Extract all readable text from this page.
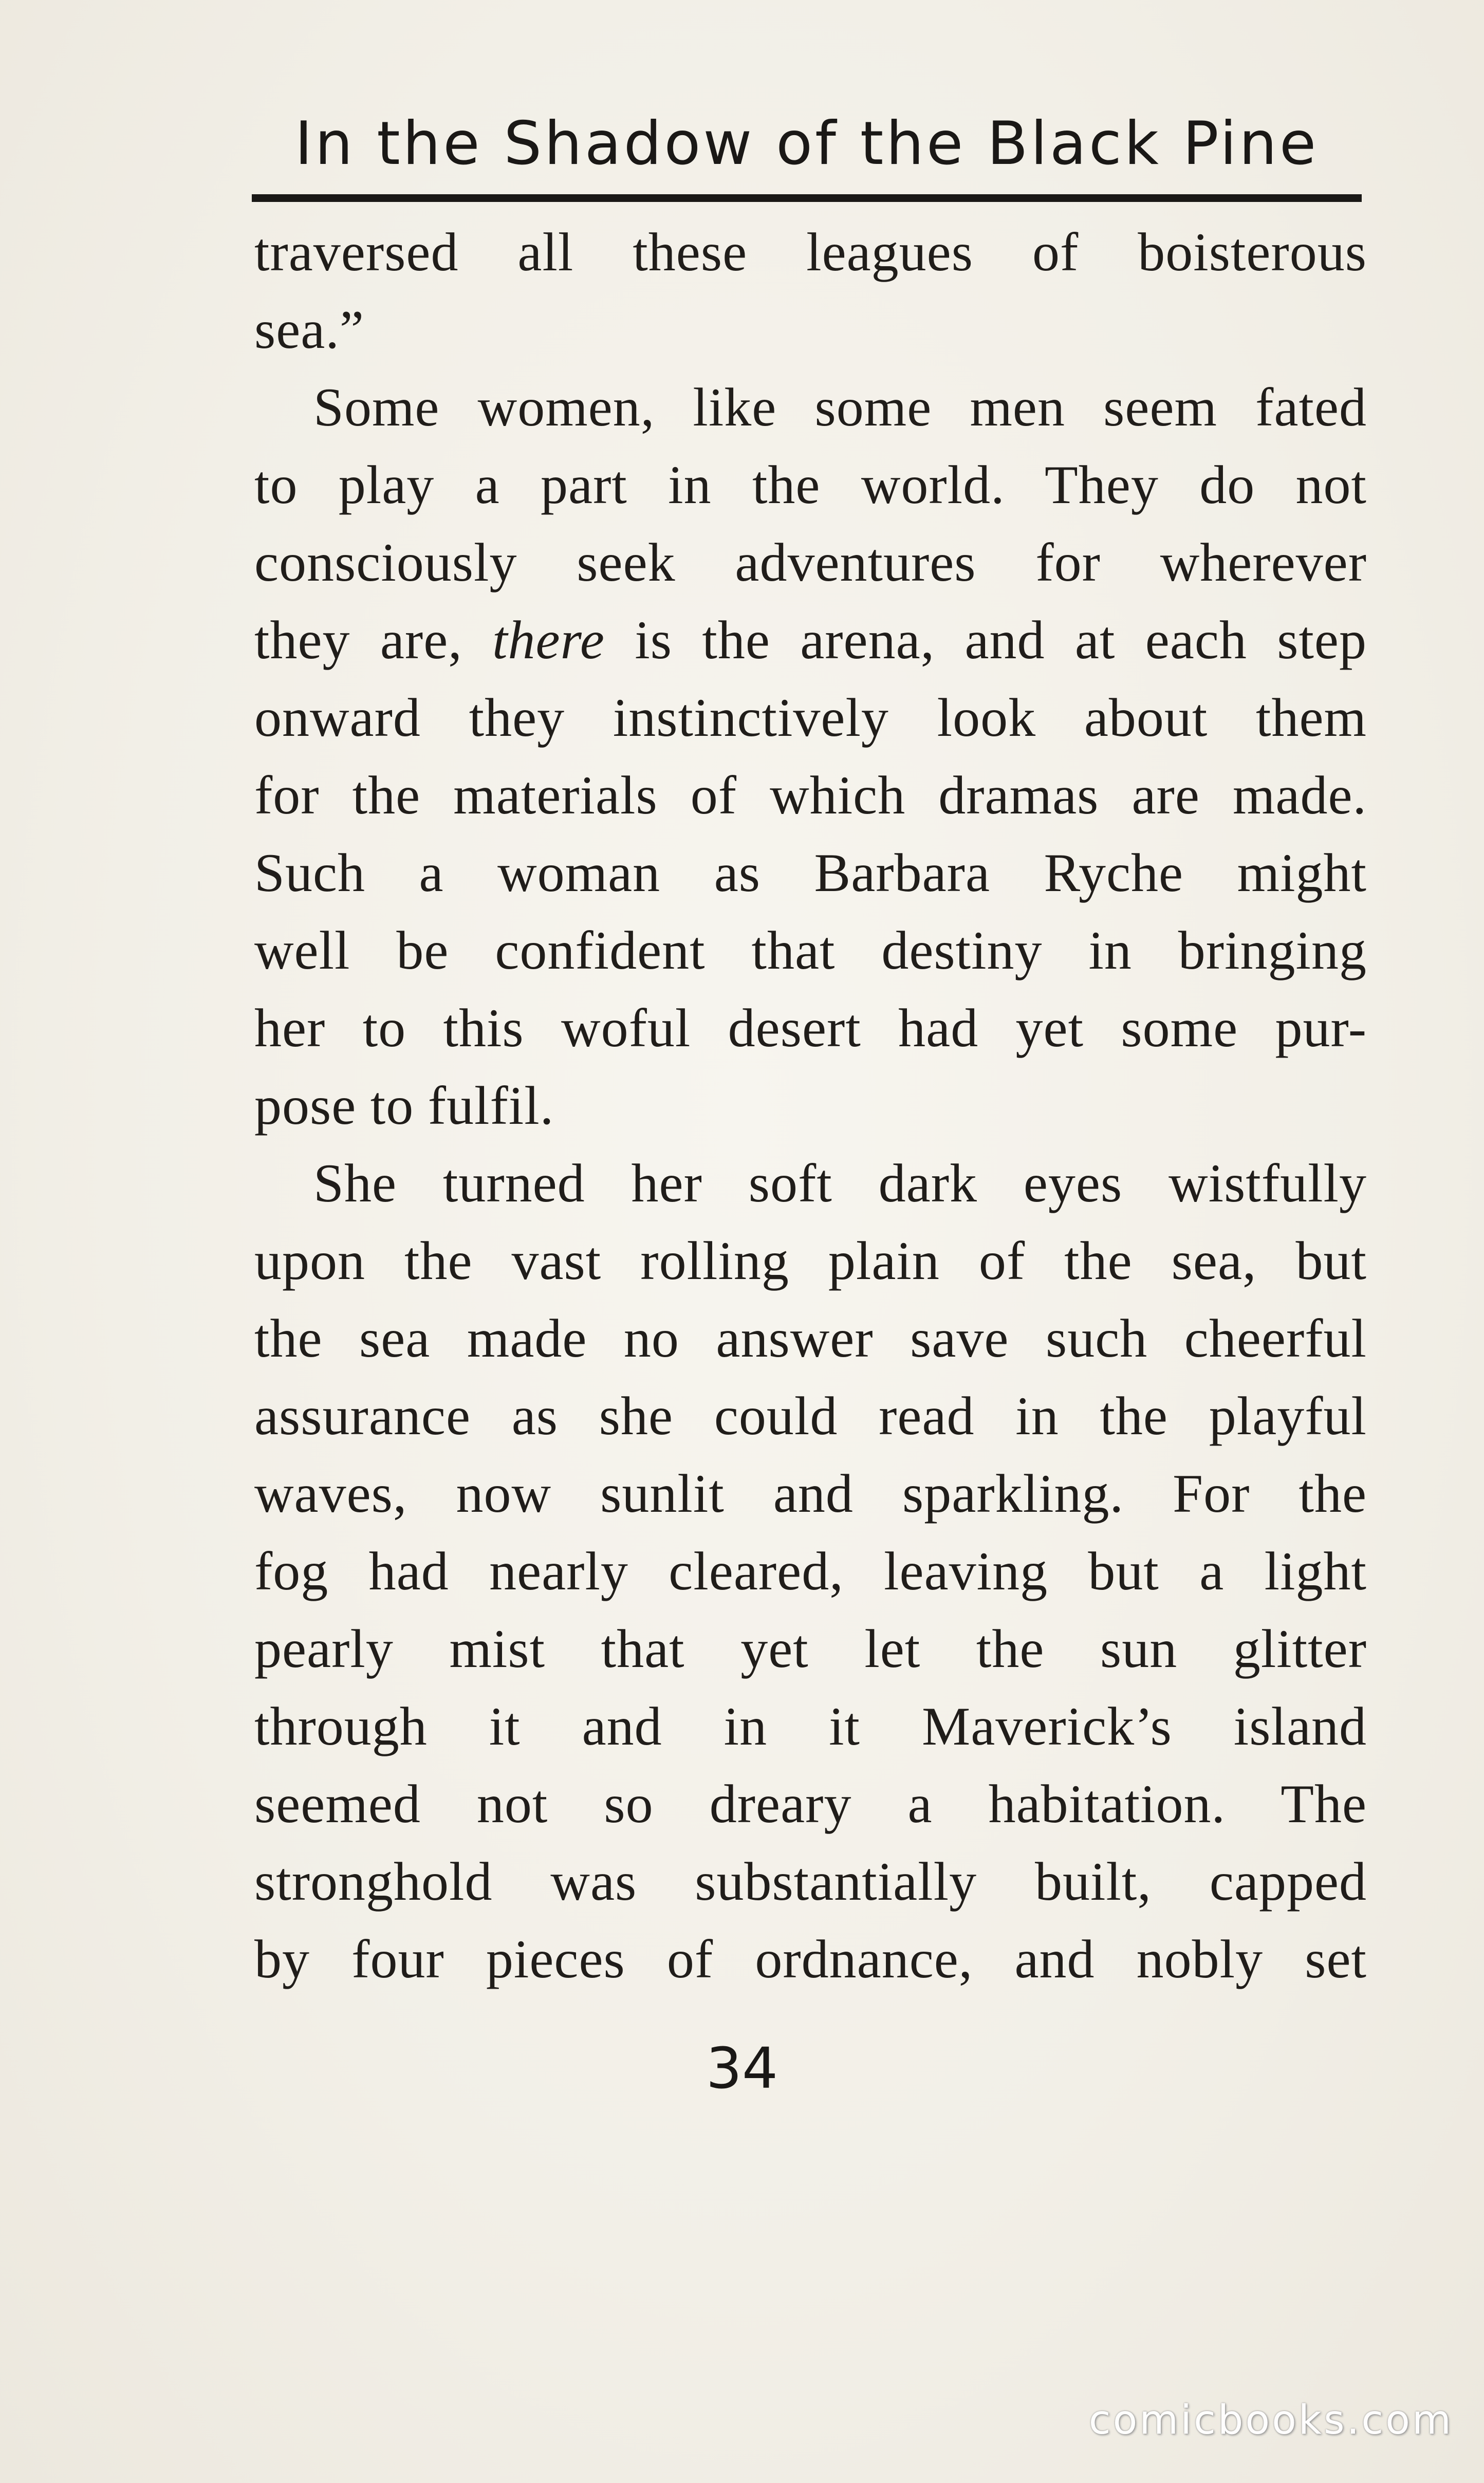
In the Shadow of the Black Pine
traversed all these leagues of boisterous
sea.”
Some women, like some men seem fated
to play a part in the world. They do not
consciously seek adventures for wherever
they are, there is the arena, and at each step
onward they instinctively look about them
for the materials of which dramas are made.
Such a woman as Barbara Ryche might
well be confident that destiny in bringing
her to this woful desert had yet some pur-
pose to fulfil.
She turned her soft dark eyes wistfully
upon the vast rolling plain of the sea, but
the sea made no answer save such cheerful
assurance as she could read in the playful
waves, now sunlit and sparkling. For the
fog had nearly cleared, leaving but a light
pearly mist that yet let the sun glitter
through it and in it Maverick’s island
seemed not so dreary a habitation. The
stronghold was substantially built, capped
by four pieces of ordnance, and nobly set
34
comicbooks.com
